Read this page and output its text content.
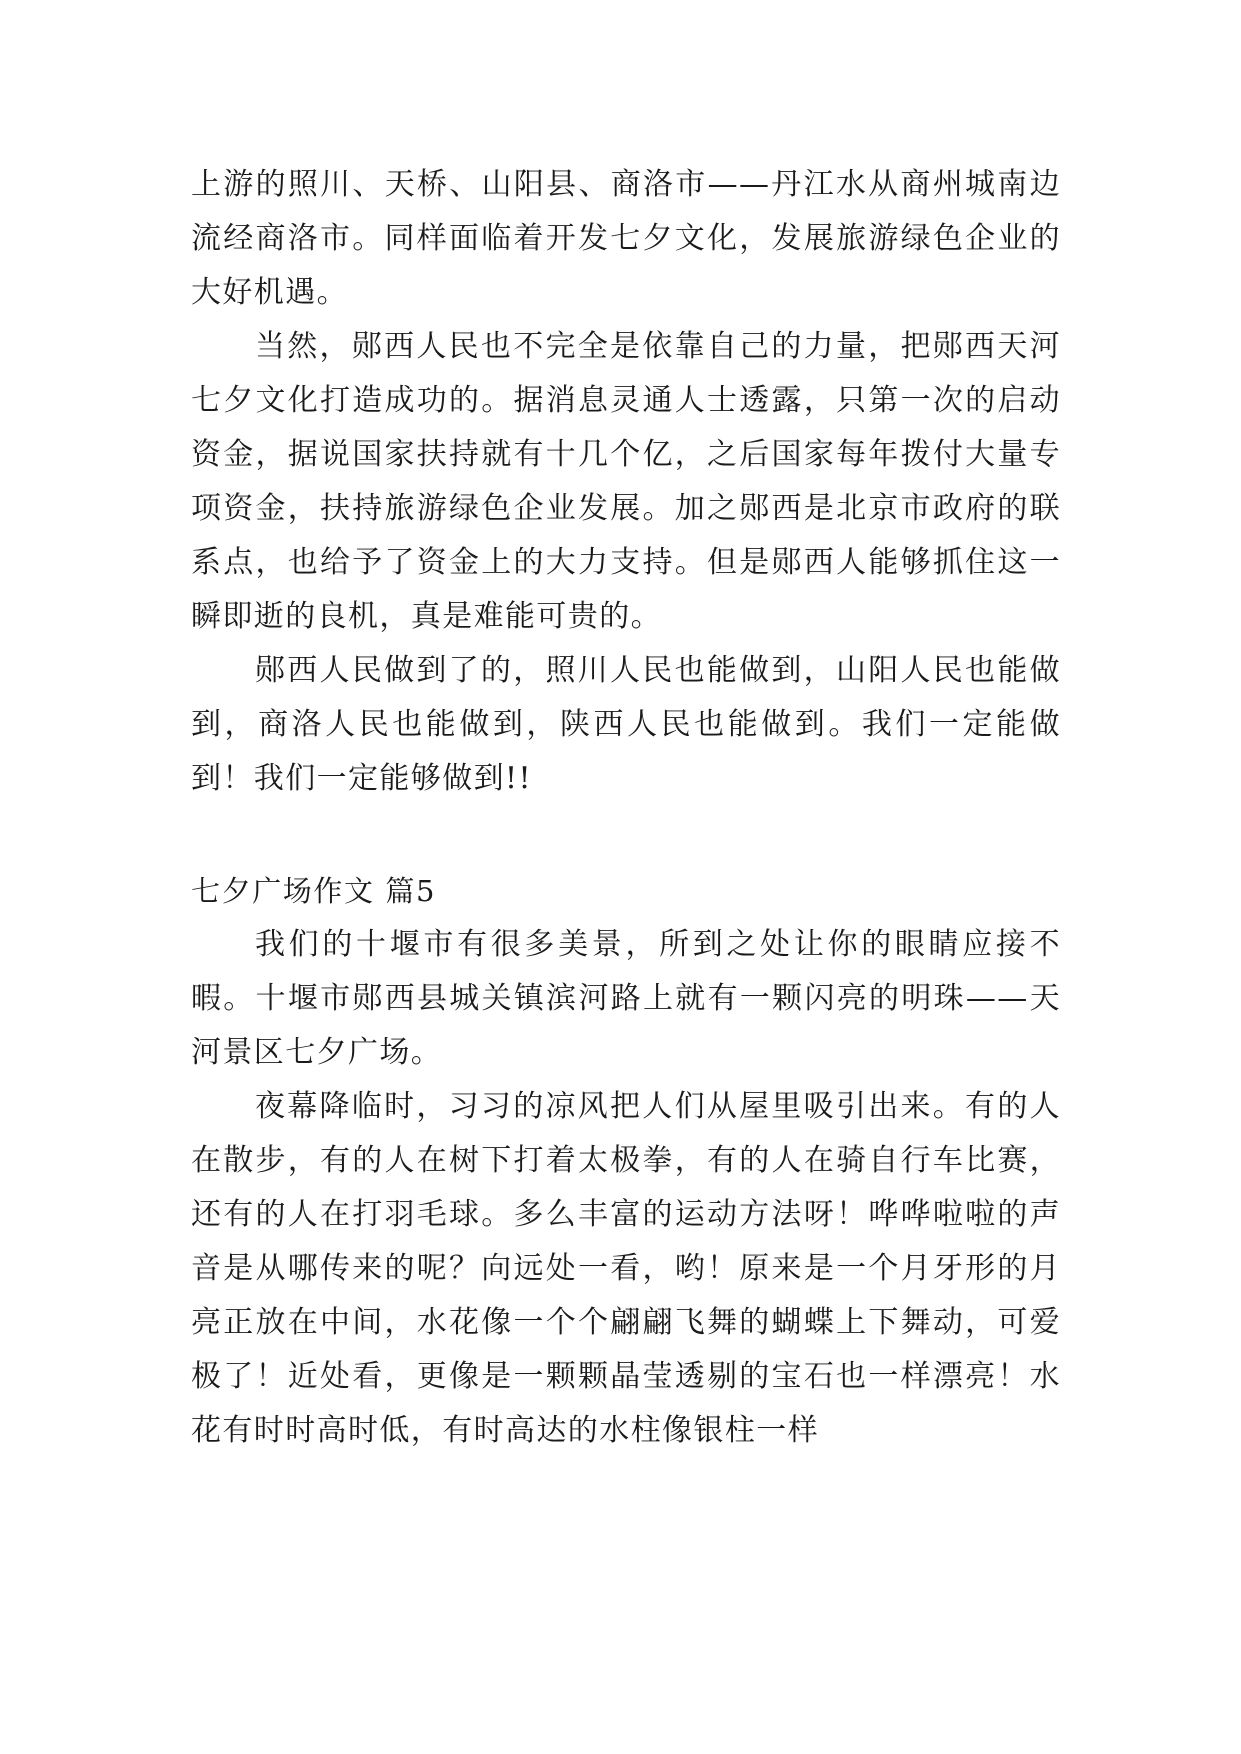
上游的照川、天桥、山阳县、商洛市——丹江水从商州城南边流经商洛市。同样面临着开发七夕文化，发展旅游绿色企业的大好机遇。

当然，郧西人民也不完全是依靠自己的力量，把郧西天河七夕文化打造成功的。据消息灵通人士透露，只第一次的启动资金，据说国家扶持就有十几个亿，之后国家每年拨付大量专项资金，扶持旅游绿色企业发展。加之郧西是北京市政府的联系点，也给予了资金上的大力支持。但是郧西人能够抓住这一瞬即逝的良机，真是难能可贵的。

郧西人民做到了的，照川人民也能做到，山阳人民也能做到，商洛人民也能做到，陕西人民也能做到。我们一定能做到！我们一定能够做到!!

七夕广场作文 篇5

我们的十堰市有很多美景，所到之处让你的眼睛应接不暇。十堰市郧西县城关镇滨河路上就有一颗闪亮的明珠——天河景区七夕广场。

夜幕降临时，习习的凉风把人们从屋里吸引出来。有的人在散步，有的人在树下打着太极拳，有的人在骑自行车比赛，还有的人在打羽毛球。多么丰富的运动方法呀！哗哗啦啦的声音是从哪传来的呢？向远处一看，哟！原来是一个月牙形的月亮正放在中间，水花像一个个翩翩飞舞的蝴蝶上下舞动，可爱极了！近处看，更像是一颗颗晶莹透剔的宝石也一样漂亮！水花有时时高时低，有时高达的水柱像银柱一样
